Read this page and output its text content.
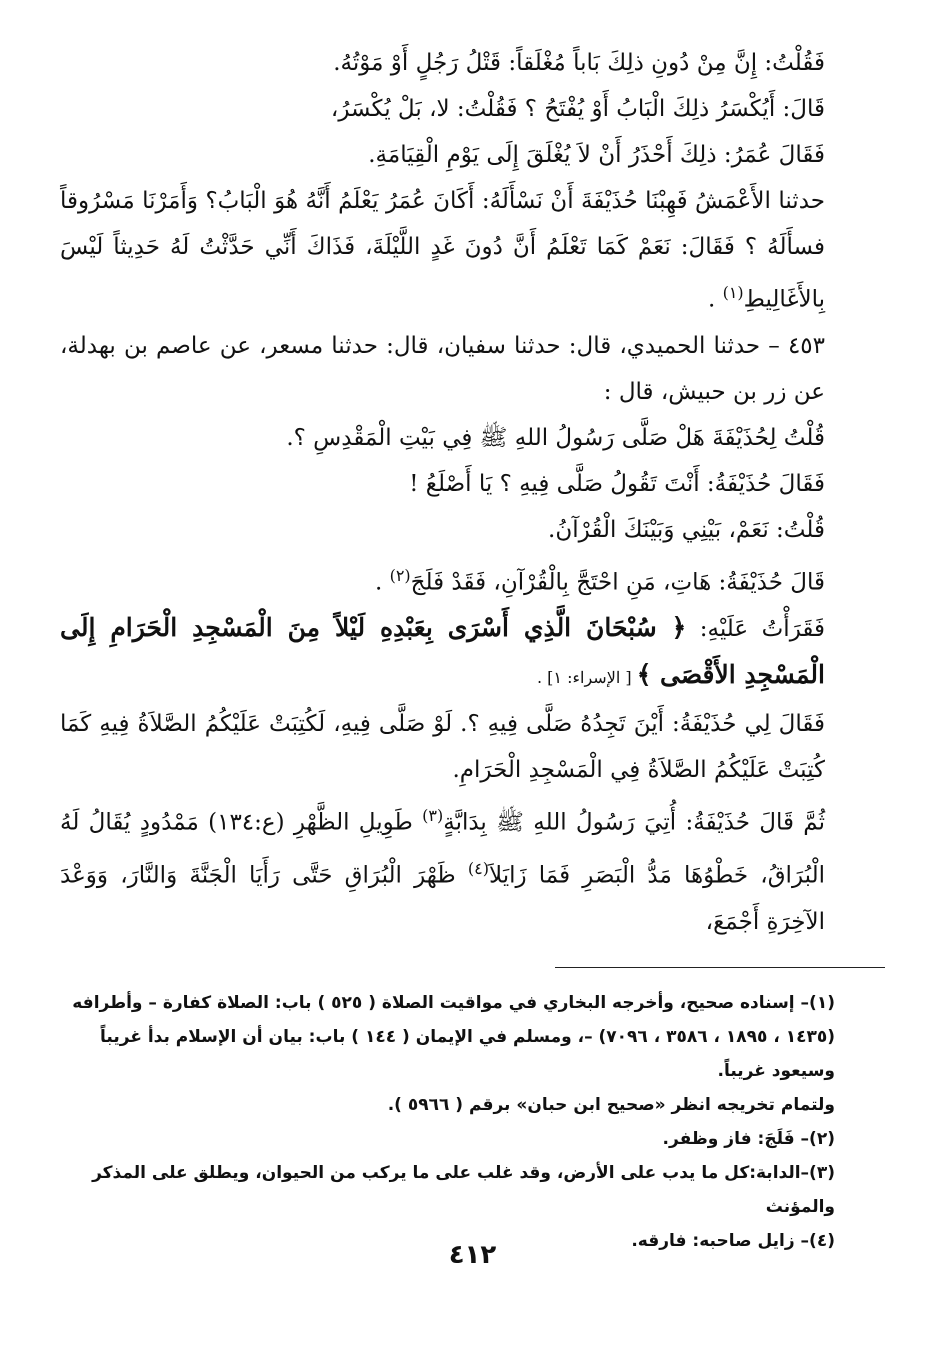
فَقُلْتُ: إِنَّ مِنْ دُونِ ذلِكَ بَاباً مُغْلَقاً: قَتْلُ رَجُلٍ أَوْ مَوْتُهُ.
قَالَ: أَيُكْسَرُ ذلِكَ الْبَابُ أَوْ يُفْتَحُ ؟ فَقُلْتُ: لا، بَلْ يُكْسَرُ،
فَقَالَ عُمَرُ: ذلِكَ أَحْذَرُ أَنْ لاَ يُغْلَقَ إِلَى يَوْمِ الْقِيَامَةِ.

حدثنا الأَعْمَشُ فَهِبْنَا حُذَيْفَةَ أَنْ نَسْأَلَهُ: أَكَانَ عُمَرُ يَعْلَمُ أَنَّهُ هُوَ الْبَابُ؟ وَأَمَرْنَا مَسْرُوقاً فسأَلَهُ ؟ فَقَالَ: نَعَمْ كَمَا تَعْلَمُ أَنَّ دُونَ غَدٍ اللَّيْلَةَ، فَذَاكَ أَنِّي حَدَّثْتُ لَهُ حَدِيثاً لَيْسَ بِالأَغَالِيطِ$^{(١)}$ .

٤٥٣ – حدثنا الحميدي، قال: حدثنا سفيان، قال: حدثنا مسعر، عن عاصم بن بهدلة، عن زر بن حبيش، قال :

قُلْتُ لِحُذَيْفَةَ هَلْ صَلَّى رَسُولُ اللهِ ﷺ فِي بَيْتِ الْمَقْدِسِ ؟.
فَقَالَ حُذَيْفَةُ: أَنْتَ تَقُولُ صَلَّى فِيهِ ؟ يَا أَصْلَعُ !
قُلْتُ: نَعَمْ، بَيْنِي وَبَيْنَكَ الْقُرْآنُ.
قَالَ حُذَيْفَةُ: هَاتِ، مَنِ احْتَجَّ بِالْقُرْآنِ، فَقَدْ فَلَجَ$^{(٢)}$ .

فَقَرَأْتُ عَلَيْهِ: ﴿ سُبْحَانَ الَّذِي أَسْرَى بِعَبْدِهِ لَيْلاً مِنَ الْمَسْجِدِ الْحَرَامِ إِلَى الْمَسْجِدِ الأَقْصَى ﴾ [ الإسراء: ١] .

فَقَالَ لِي حُذَيْفَةُ: أَيْنَ تَجِدُهُ صَلَّى فِيهِ ؟. لَوْ صَلَّى فِيهِ، لَكُتِبَتْ عَلَيْكُمُ الصَّلاَةُ فِيهِ كَمَا كُتِبَتْ عَلَيْكُمُ الصَّلاَةُ فِي الْمَسْجِدِ الْحَرَامِ.

ثُمَّ قَالَ حُذَيْفَةُ: أُتِيَ رَسُولُ اللهِ ﷺ بِدَابَّةٍ$^{(٣)}$ طَوِيلِ الظَّهْرِ (ع:١٣٤) مَمْدُودٍ يُقَالُ لَهُ الْبُرَاقُ، خَطْوُهَا مَدُّ الْبَصَرِ فَمَا زَايَلاَ$^{(٤)}$ ظَهْرَ الْبُرَاقِ حَتَّى رَأَيَا الْجَنَّةَ وَالنَّارَ، وَوَعْدَ الآخِرَةِ أَجْمَعَ،

(١)– إسناده صحيح، وأخرجه البخاري في مواقيت الصلاة ( ٥٢٥ ) باب: الصلاة كفارة – وأطرافه (١٤٣٥ ، ١٨٩٥ ، ٣٥٨٦ ، ٧٠٩٦) –، ومسلم في الإيمان ( ١٤٤ ) باب: بيان أن الإسلام بدأ غريباً وسيعود غريباً.

ولتمام تخريجه انظر «صحيح ابن حبان» برقم ( ٥٩٦٦ ).

(٢)– فَلَجَ: فاز وظفر.

(٣)–الدابة:كل ما يدب على الأرض، وقد غلب على ما يركب من الحيوان، ويطلق على المذكر والمؤنث

(٤)– زايل صاحبه: فارقه.

٤١٢
